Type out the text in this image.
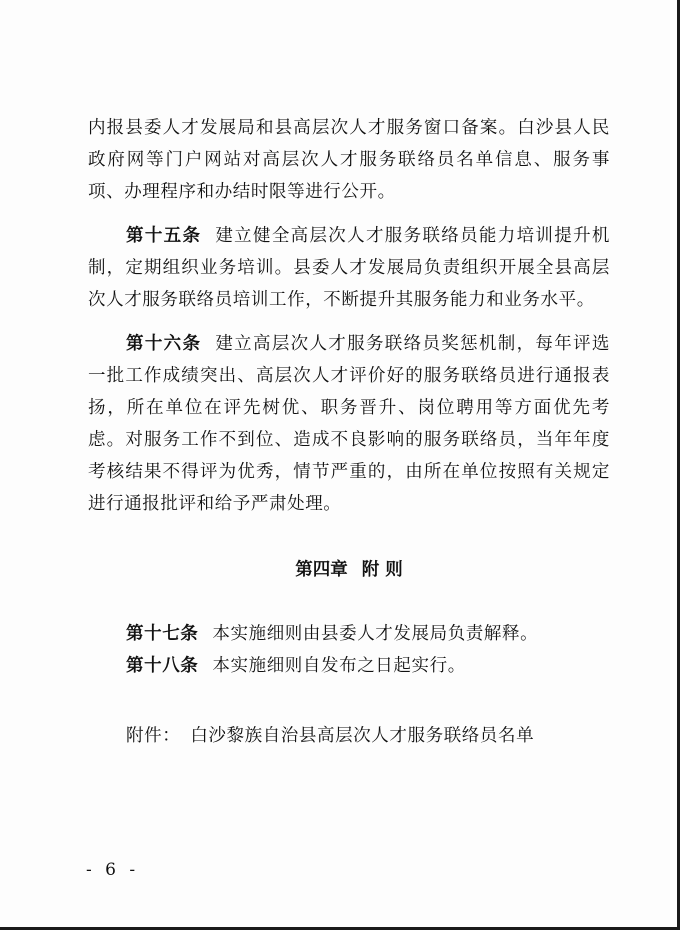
内报县委人才发展局和县高层次人才服务窗口备案。白沙县人民政府网等门户网站对高层次人才服务联络员名单信息、服务事项、办理程序和办结时限等进行公开。

第十五条 建立健全高层次人才服务联络员能力培训提升机制，定期组织业务培训。县委人才发展局负责组织开展全县高层次人才服务联络员培训工作，不断提升其服务能力和业务水平。

第十六条 建立高层次人才服务联络员奖惩机制，每年评选一批工作成绩突出、高层次人才评价好的服务联络员进行通报表扬，所在单位在评先树优、职务晋升、岗位聘用等方面优先考虑。对服务工作不到位、造成不良影响的服务联络员，当年年度考核结果不得评为优秀，情节严重的，由所在单位按照有关规定进行通报批评和给予严肃处理。

第四章 附 则

第十七条 本实施细则由县委人才发展局负责解释。

第十八条 本实施细则自发布之日起实行。

附件： 白沙黎族自治县高层次人才服务联络员名单

- 6 -
